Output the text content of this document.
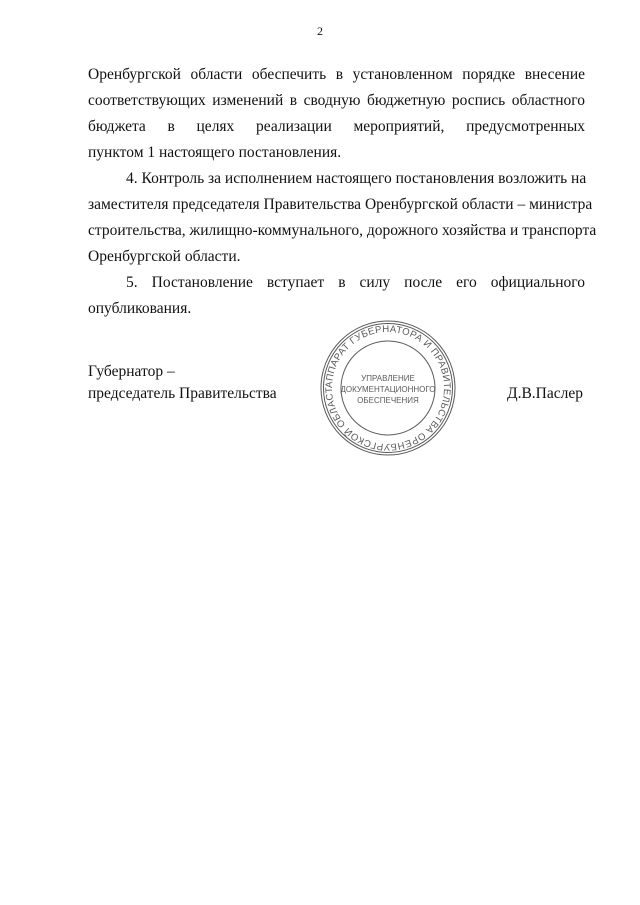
2

Оренбургской области обеспечить в установленном порядке внесение
соответствующих изменений в сводную бюджетную роспись областного
бюджета в целях реализации мероприятий, предусмотренных
пунктом 1 настоящего постановления.

4. Контроль за исполнением настоящего постановления возложить на
заместителя председателя Правительства Оренбургской области – министра
строительства, жилищно-коммунального, дорожного хозяйства и транспорта
Оренбургской области.

5. Постановление вступает в силу после его официального
опубликования.

Губернатор –
председатель Правительства	Д.В.Паслер
АППАРАТ ГУБЕРНАТОРА И ПРАВИТЕЛЬСТВА ОРЕНБУРГСКОЙ ОБЛАСТ
УПРАВЛЕНИЕ
ДОКУМЕНТАЦИОННОГО
ОБЕСПЕЧЕНИЯ
